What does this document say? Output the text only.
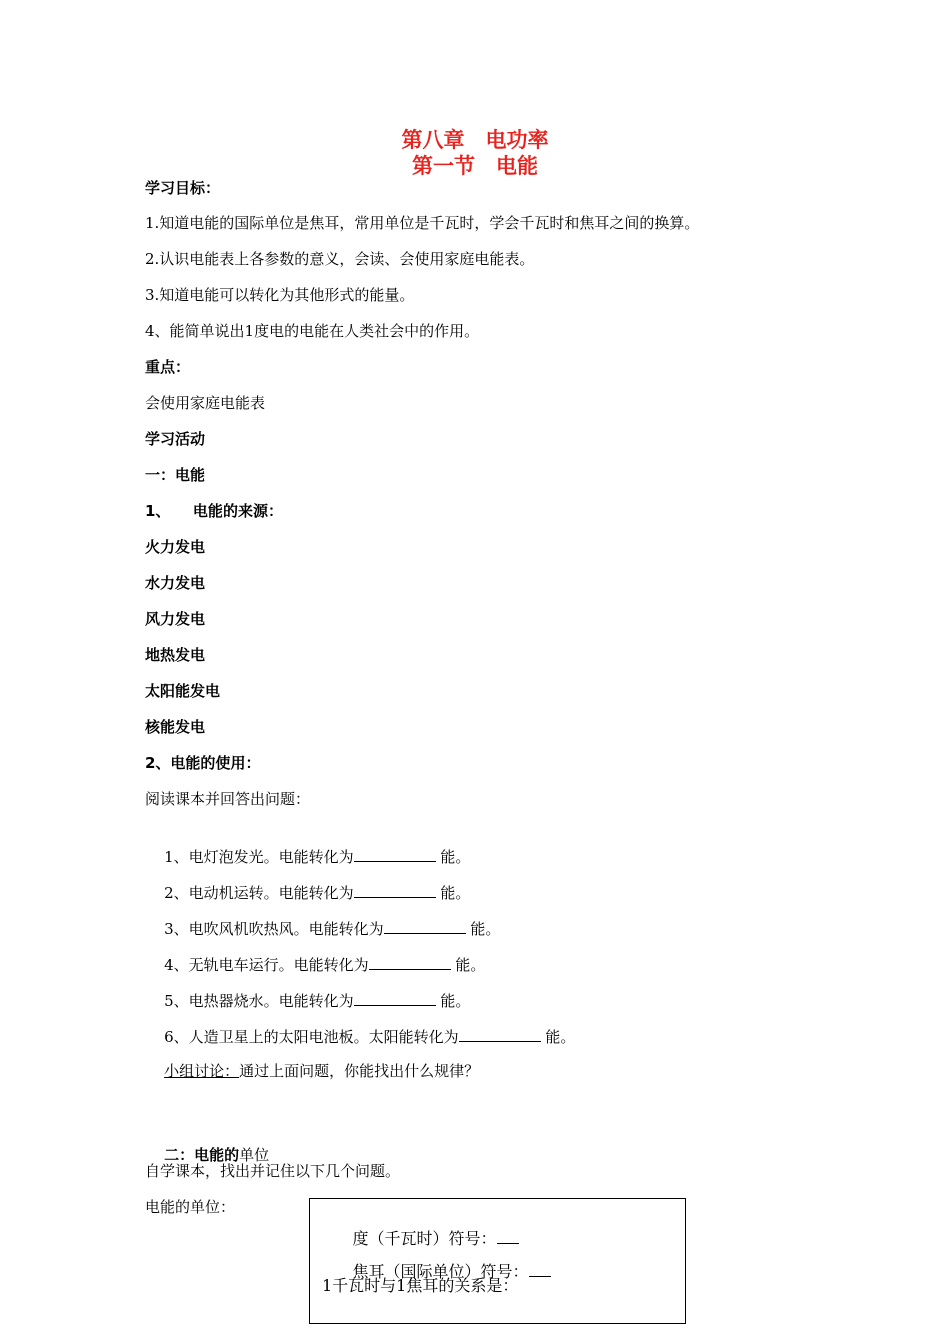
第八章　电功率
第一节　电能
学习目标：
1.知道电能的国际单位是焦耳，常用单位是千瓦时，学会千瓦时和焦耳之间的换算。
2.认识电能表上各参数的意义，会读、会使用家庭电能表。
3.知道电能可以转化为其他形式的能量。
4、能简单说出1度电的电能在人类社会中的作用。
重点：
会使用家庭电能表
学习活动
一：电能
1、　　电能的来源：
火力发电
水力发电
风力发电
地热发电
太阳能发电
核能发电
2、电能的使用：
阅读课本并回答出问题：

1、电灯泡发光。电能转化为	能。

2、电动机运转。电能转化为	能。

3、电吹风机吹热风。电能转化为	能。

4、无轨电车运行。电能转化为	能。

5、电热器烧水。电能转化为	能。

6、人造卫星上的太阳电池板。太阳能转化为	能。

小组讨论：通过上面问题，你能找出什么规律？

二：电能的单位

自学课本，找出并记住以下几个问题。
电能的单位：

度（千瓦时）符号：

焦耳（国际单位）符号：

1千瓦时与1焦耳的关系是：
